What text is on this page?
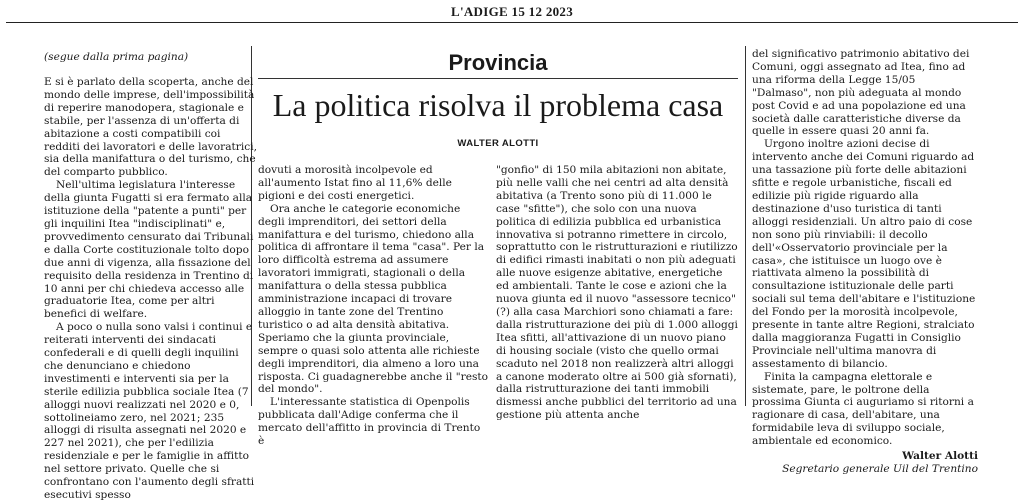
L'ADIGE 15 12 2023
(segue dalla prima pagina)	Provincia
La politica risolva il problema casa
WALTER ALOTTI

E si è parlato della scoperta, anche del mondo delle imprese, dell'impossibilità di reperire manodopera, stagionale e stabile, per l'assenza di un'offerta di abitazione a costi compatibili coi redditi dei lavoratori e delle lavoratrici, sia della manifattura o del turismo, che del comparto pubblico.

Nell'ultima legislatura l'interesse della giunta Fugatti si era fermato alla istituzione della "patente a punti" per gli inquilini Itea "indisciplinati" e, provvedimento censurato dai Tribunali e dalla Corte costituzionale tolto dopo due anni di vigenza, alla fissazione del requisito della residenza in Trentino di 10 anni per chi chiedeva accesso alle graduatorie Itea, come per altri benefici di welfare.

A poco o nulla sono valsi i continui e reiterati interventi dei sindacati confederali e di quelli degli inquilini che denunciano e chiedono investimenti e interventi sia per la sterile edilizia pubblica sociale Itea (7 alloggi nuovi realizzati nel 2020 e 0, sottolineiamo zero, nel 2021; 235 alloggi di risulta assegnati nel 2020 e 227 nel 2021), che per l'edilizia residenziale e per le famiglie in affitto nel settore privato. Quelle che si confrontano con l'aumento degli sfratti esecutivi spesso

dovuti a morosità incolpevole ed all'aumento Istat fino al 11,6% delle pigioni e dei costi energetici.

Ora anche le categorie economiche degli imprenditori, dei settori della manifattura e del turismo, chiedono alla politica di affrontare il tema "casa". Per la loro difficoltà estrema ad assumere lavoratori immigrati, stagionali o della manifattura o della stessa pubblica amministrazione incapaci di trovare alloggio in tante zone del Trentino turistico o ad alta densità abitativa. Speriamo che la giunta provinciale, sempre o quasi solo attenta alle richieste degli imprenditori, dia almeno a loro una risposta. Ci guadagnerebbe anche il "resto del mondo".

L'interessante statistica di Openpolis pubblicata dall'Adige conferma che il mercato dell'affitto in provincia di Trento è

"gonfio" di 150 mila abitazioni non abitate, più nelle valli che nei centri ad alta densità abitativa (a Trento sono più di 11.000 le case "sfitte"), che solo con una nuova politica di edilizia pubblica ed urbanistica innovativa si potranno rimettere in circolo, soprattutto con le ristrutturazioni e riutilizzo di edifici rimasti inabitati o non più adeguati alle nuove esigenze abitative, energetiche ed ambientali. Tante le cose e azioni che la nuova giunta ed il nuovo "assessore tecnico" (?) alla casa Marchiori sono chiamati a fare: dalla ristrutturazione dei più di 1.000 alloggi Itea sfitti, all'attivazione di un nuovo piano di housing sociale (visto che quello ormai scaduto nel 2018 non realizzerà altri alloggi a canone moderato oltre ai 500 già sfornati), dalla ristrutturazione dei tanti immobili dismessi anche pubblici del territorio ad una gestione più attenta anche

del significativo patrimonio abitativo dei Comuni, oggi assegnato ad Itea, fino ad una riforma della Legge 15/05 "Dalmaso", non più adeguata al mondo post Covid e ad una popolazione ed una società dalle caratteristiche diverse da quelle in essere quasi 20 anni fa.

Urgono inoltre azioni decise di intervento anche dei Comuni riguardo ad una tassazione più forte delle abitazioni sfitte e regole urbanistiche, fiscali ed edilizie più rigide riguardo alla destinazione d'uso turistica di tanti alloggi residenziali. Un altro paio di cose non sono più rinviabili: il decollo dell'«Osservatorio provinciale per la casa», che istituisce un luogo ove è riattivata almeno la possibilità di consultazione istituzionale delle parti sociali sul tema dell'abitare e l'istituzione del Fondo per la morosità incolpevole, presente in tante altre Regioni, stralciato dalla maggioranza Fugatti in Consiglio Provinciale nell'ultima manovra di assestamento di bilancio.

Finita la campagna elettorale e sistemate, pare, le poltrone della prossima Giunta ci auguriamo si ritorni a ragionare di casa, dell'abitare, una formidabile leva di sviluppo sociale, ambientale ed economico.

Walter Alotti
Segretario generale Uil del Trentino
